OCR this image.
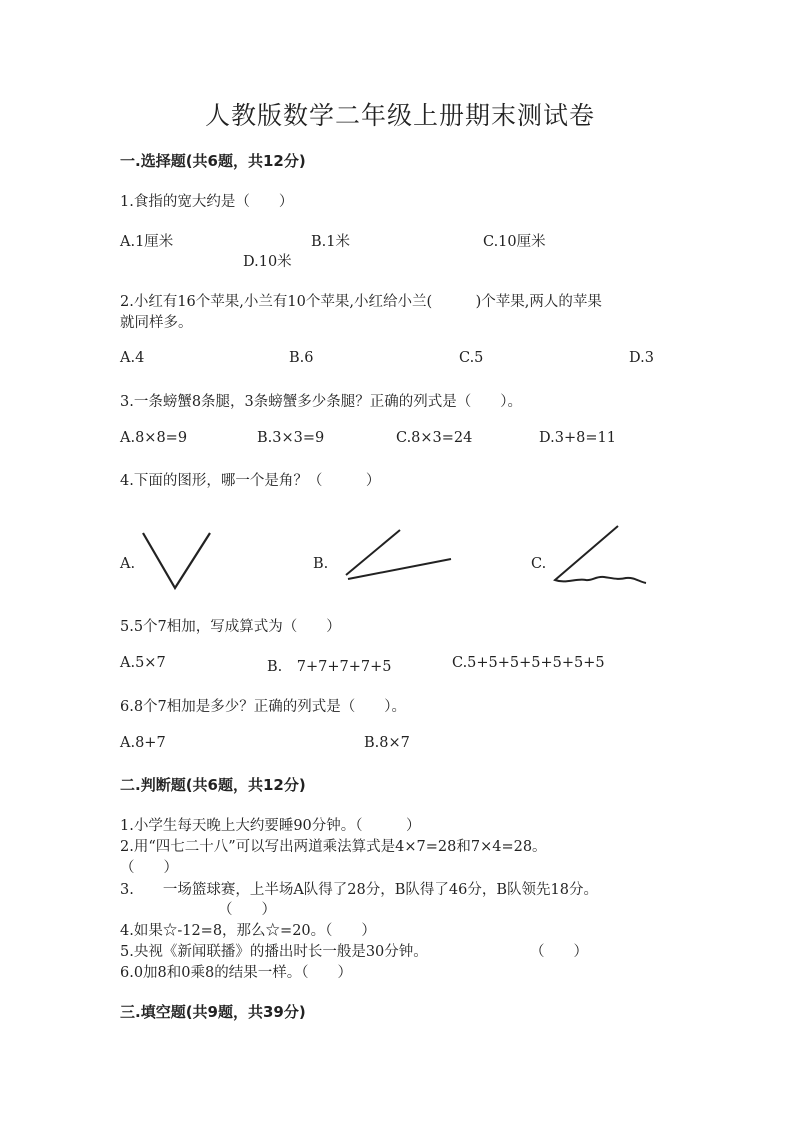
人教版数学二年级上册期末测试卷
一.选择题(共6题，共12分)
1.食指的宽大约是（　　）
A.1厘米	B.1米	C.10厘米
D.10米
2.小红有16个苹果,小兰有10个苹果,小红给小兰(　　　)个苹果,两人的苹果
就同样多。
A.4	B.6	C.5	D.3
3.一条螃蟹8条腿，3条螃蟹多少条腿？正确的列式是（　　）。
A.8×8=9	B.3×3=9	C.8×3=24	D.3+8=11
4.下面的图形，哪一个是角？（　　　）
A.	B.	C.
5.5个7相加，写成算式为（　　）
A.5×7	B.　7+7+7+7+5	C.5+5+5+5+5+5+5
6.8个7相加是多少？正确的列式是（　　）。
A.8+7	B.8×7
二.判断题(共6题，共12分)
1.小学生每天晚上大约要睡90分钟。（　　　）
2.用“四七二十八”可以写出两道乘法算式是4×7=28和7×4=28。
（　　）
3.　　一场篮球赛，上半场A队得了28分，B队得了46分，B队领先18分。
（　　）
4.如果☆-12=8，那么☆=20。（　　）
5.央视《新闻联播》的播出时长一般是30分钟。	（　　）
6.0加8和0乘8的结果一样。（　　）
三.填空题(共9题，共39分)
